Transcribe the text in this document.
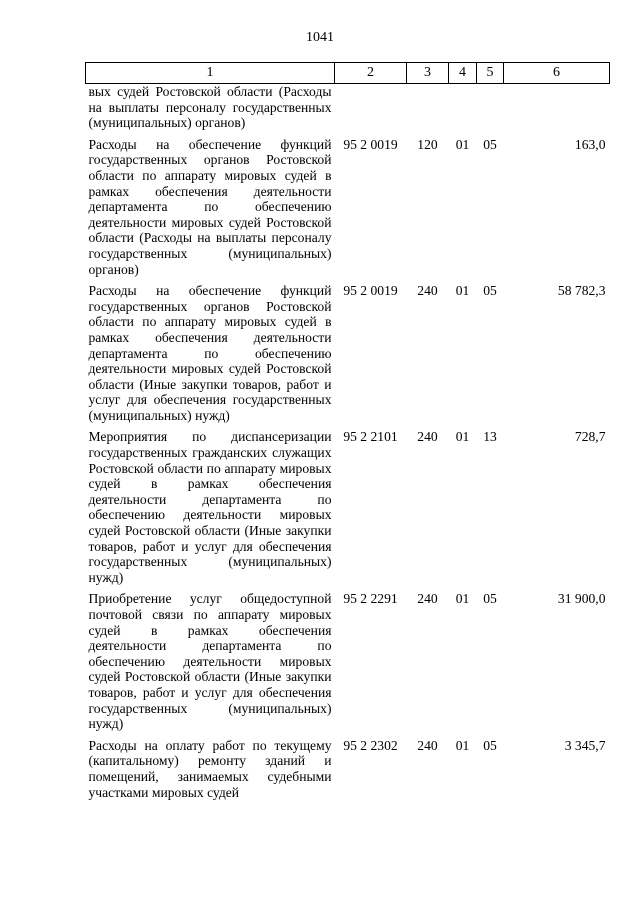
1041
1	2	3	4	5	6
вых судей Ростовской области (Расходы на выплаты персоналу государственных (муниципальных) органов)					
Расходы на обеспечение функций государственных органов Ростовской области по аппарату мировых судей в рамках обеспечения деятельности департамента по обеспечению деятельности мировых судей Ростовской области (Расходы на выплаты персоналу государственных (муниципальных) органов)	95 2 0019	120	01	05	163,0
Расходы на обеспечение функций государственных органов Ростовской области по аппарату мировых судей в рамках обеспечения деятельности департамента по обеспечению деятельности мировых судей Ростовской области (Иные закупки товаров, работ и услуг для обеспечения государственных (муниципальных) нужд)	95 2 0019	240	01	05	58 782,3
Мероприятия по диспансеризации государственных гражданских служащих Ростовской области по аппарату мировых судей в рамках обеспечения деятельности департамента по обеспечению деятельности мировых судей Ростовской области (Иные закупки товаров, работ и услуг для обеспечения государственных (муниципальных) нужд)	95 2 2101	240	01	13	728,7
Приобретение услуг общедоступной почтовой связи по аппарату мировых судей в рамках обеспечения деятельности департамента по обеспечению деятельности мировых судей Ростовской области (Иные закупки товаров, работ и услуг для обеспечения государственных (муниципальных) нужд)	95 2 2291	240	01	05	31 900,0
Расходы на оплату работ по текущему (капитальному) ремонту зданий и помещений, занимаемых судебными участками мировых судей	95 2 2302	240	01	05	3 345,7
